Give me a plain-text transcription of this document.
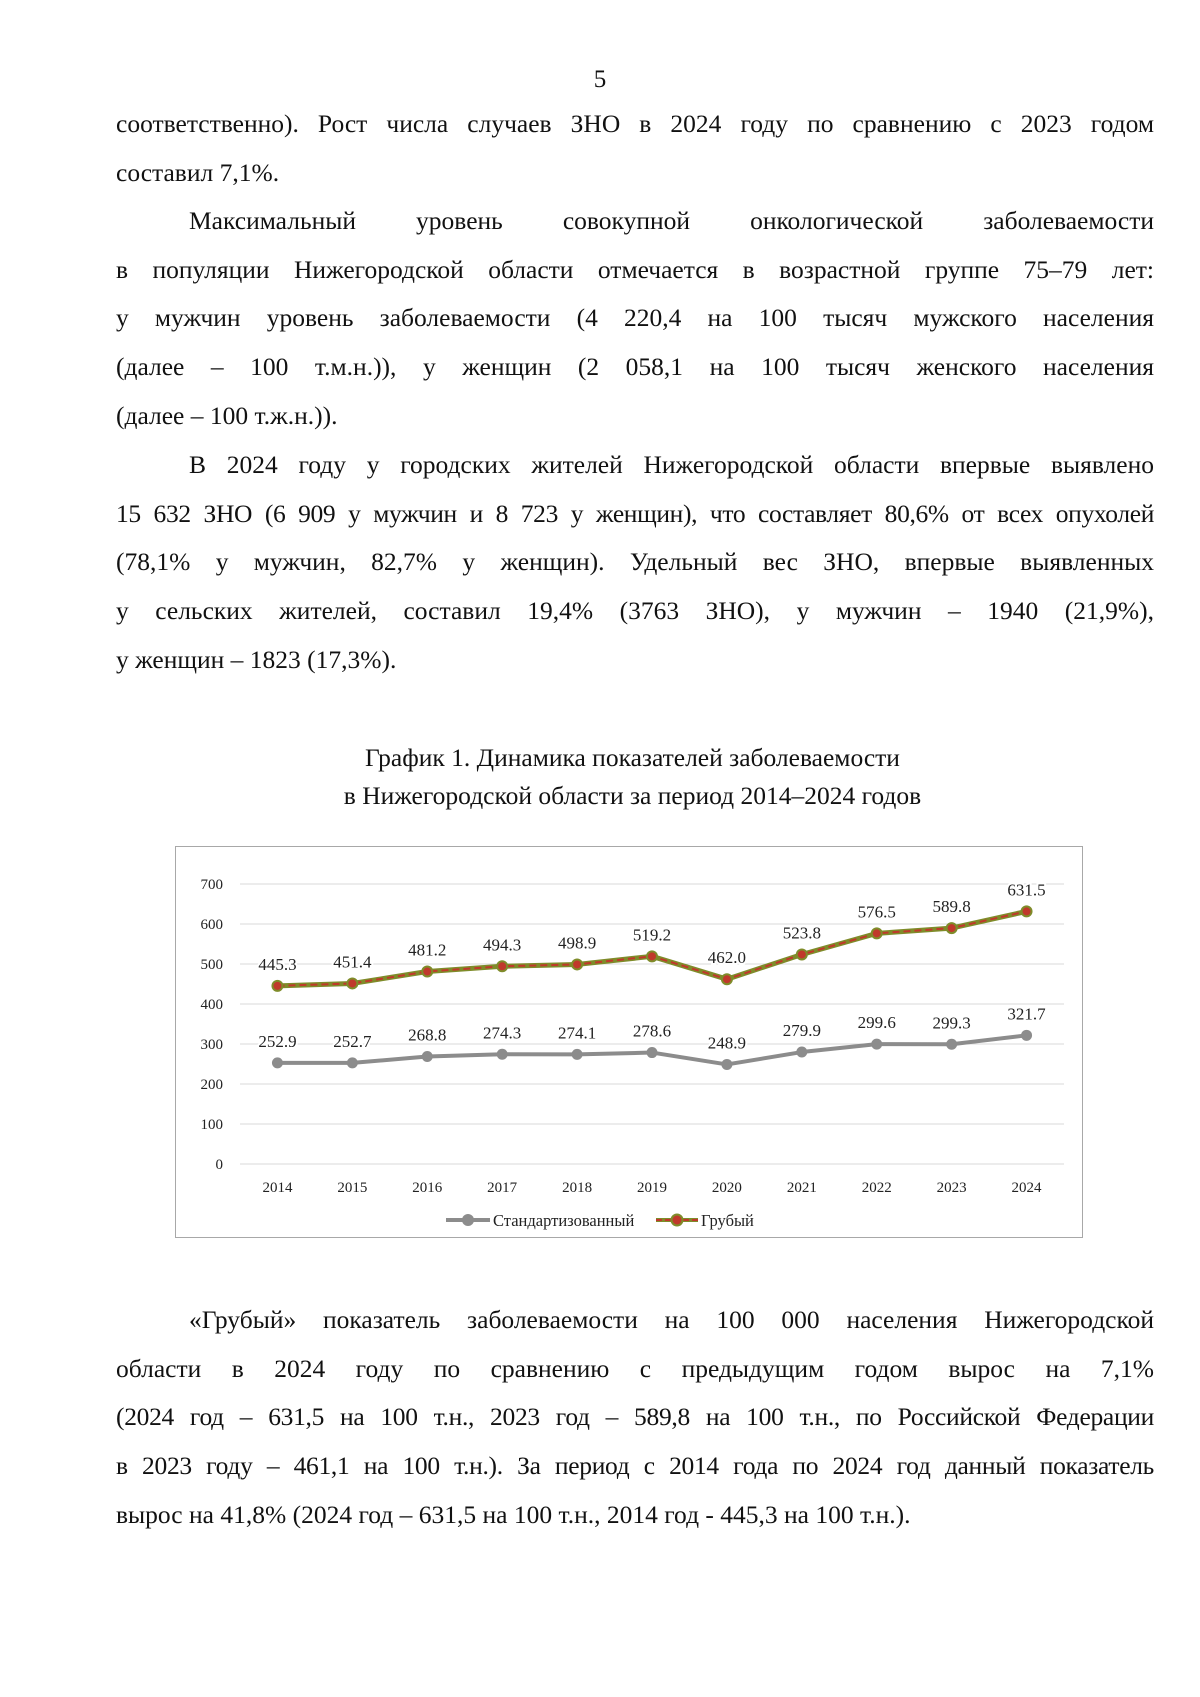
5
соответственно). Рост числа случаев ЗНО в 2024 году по сравнению с 2023 годом
составил 7,1%.
Максимальный уровень совокупной онкологической заболеваемости
в популяции Нижегородской области отмечается в возрастной группе 75–79 лет:
у мужчин уровень заболеваемости (4 220,4 на 100 тысяч мужского населения
(далее – 100 т.м.н.)), у женщин (2 058,1 на 100 тысяч женского населения
(далее – 100 т.ж.н.)).
В 2024 году у городских жителей Нижегородской области впервые выявлено
15 632 ЗНО (6 909 у мужчин и 8 723 у женщин), что составляет 80,6% от всех опухолей
(78,1% у мужчин, 82,7% у женщин). Удельный вес ЗНО, впервые выявленных
у сельских жителей, составил 19,4% (3763 ЗНО), у мужчин – 1940 (21,9%),
у женщин – 1823 (17,3%).
График 1. Динамика показателей заболеваемости
в Нижегородской области за период 2014–2024 годов
0
100
200
300
400
500
600
700
2014	2015	2016	2017	2018	2019	2020	2021	2022	2023	2024
252.9 252.7 268.8 274.3 274.1 278.6
248.9
279.9 299.6 299.3 321.7
445.3 451.4
481.2 494.3 498.9 519.2
462.0
523.8
576.5 589.8
631.5
Стандартизованный	Грубый
«Грубый» показатель заболеваемости на 100 000 населения Нижегородской
области в 2024 году по сравнению с предыдущим годом вырос на 7,1%
(2024 год – 631,5 на 100 т.н., 2023 год – 589,8 на 100 т.н., по Российской Федерации
в 2023 году – 461,1 на 100 т.н.). За период с 2014 года по 2024 год данный показатель
вырос на 41,8% (2024 год – 631,5 на 100 т.н., 2014 год - 445,3 на 100 т.н.).
